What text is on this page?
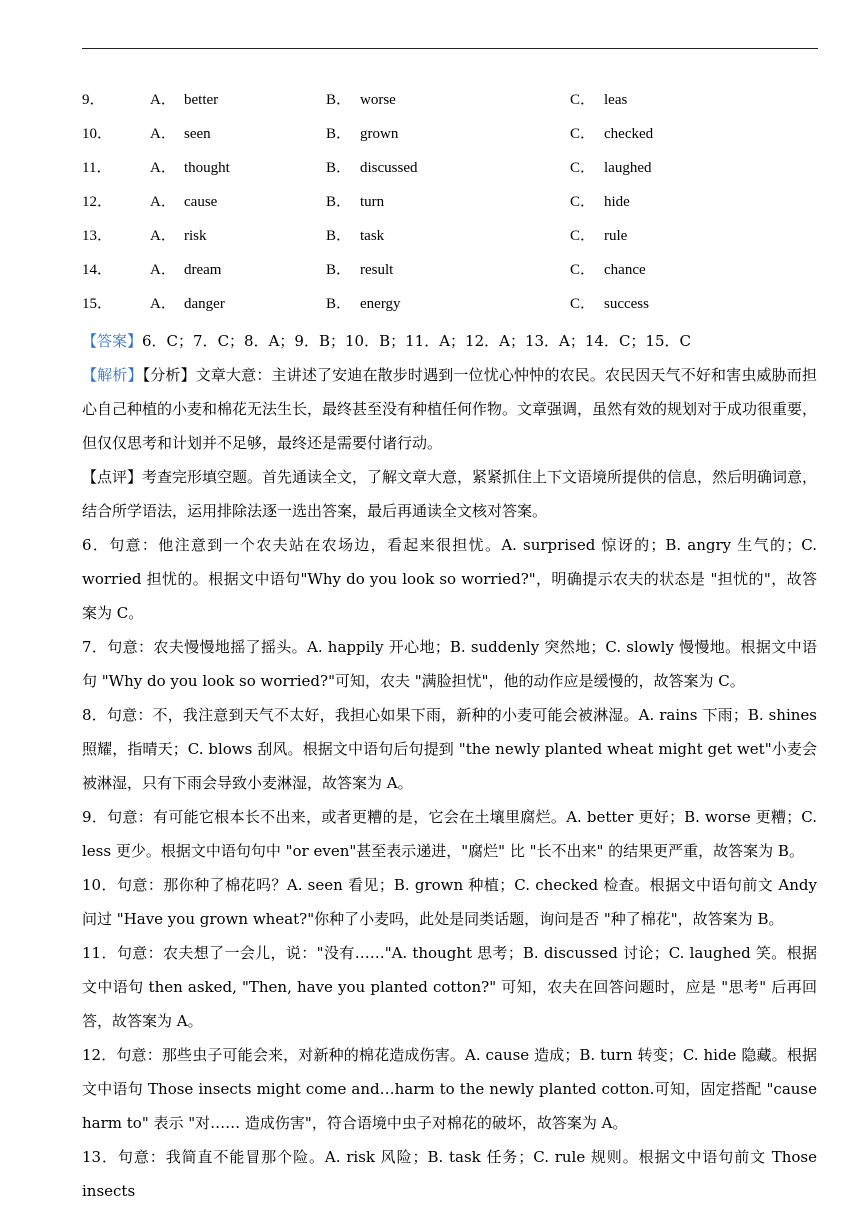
9．	A． better	B． worse	C． leas
10．	A． seen	B． grown	C． checked
11．	A． thought	B． discussed	C． laughed
12．	A． cause	B． turn	C． hide
13．	A． risk	B． task	C． rule
14．	A． dream	B． result	C． chance
15．	A． danger	B． energy	C． success

【答案】6．C；7．C；8．A；9．B；10．B；11．A；12．A；13．A；14．C；15．C

【解析】【分析】文章大意：主讲述了安迪在散步时遇到一位忧心忡忡的农民。农民因天气不好和害虫威胁而担心自己种植的小麦和棉花无法生长，最终甚至没有种植任何作物。文章强调，虽然有效的规划对于成功很重要，但仅仅思考和计划并不足够，最终还是需要付诸行动。

【点评】考查完形填空题。首先通读全文，了解文章大意，紧紧抓住上下文语境所提供的信息，然后明确词意，结合所学语法，运用排除法逐一选出答案，最后再通读全文核对答案。

6．句意：他注意到一个农夫站在农场边，看起来很担忧。A. surprised 惊讶的；B. angry 生气的；C. worried 担忧的。根据文中语句"Why do you look so worried?"，明确提示农夫的状态是 "担忧的"，故答案为 C。

7．句意：农夫慢慢地摇了摇头。A. happily 开心地；B. suddenly 突然地；C. slowly 慢慢地。根据文中语句 "Why do you look so worried?"可知，农夫 "满脸担忧"，他的动作应是缓慢的，故答案为 C。

8．句意：不，我注意到天气不太好，我担心如果下雨，新种的小麦可能会被淋湿。A. rains 下雨；B. shines 照耀，指晴天；C. blows 刮风。根据文中语句后句提到 "the newly planted wheat might get wet"小麦会被淋湿，只有下雨会导致小麦淋湿，故答案为 A。

9．句意：有可能它根本长不出来，或者更糟的是，它会在土壤里腐烂。A. better 更好；B. worse 更糟；C. less 更少。根据文中语句句中 "or even"甚至表示递进，"腐烂" 比 "长不出来" 的结果更严重，故答案为 B。

10．句意：那你种了棉花吗？A. seen 看见；B. grown 种植；C. checked 检查。根据文中语句前文 Andy 问过 "Have you grown wheat?"你种了小麦吗，此处是同类话题，询问是否 "种了棉花"，故答案为 B。

11．句意：农夫想了一会儿，说："没有……"A. thought 思考；B. discussed 讨论；C. laughed 笑。根据文中语句 then asked, "Then, have you planted cotton?" 可知，农夫在回答问题时，应是 "思考" 后再回答，故答案为 A。

12．句意：那些虫子可能会来，对新种的棉花造成伤害。A. cause 造成；B. turn 转变；C. hide 隐藏。根据文中语句 Those insects might come and…harm to the newly planted cotton.可知，固定搭配 "cause harm to" 表示 "对…… 造成伤害"，符合语境中虫子对棉花的破坏，故答案为 A。

13．句意：我简直不能冒那个险。A. risk 风险；B. task 任务；C. rule 规则。根据文中语句前文 Those insects
